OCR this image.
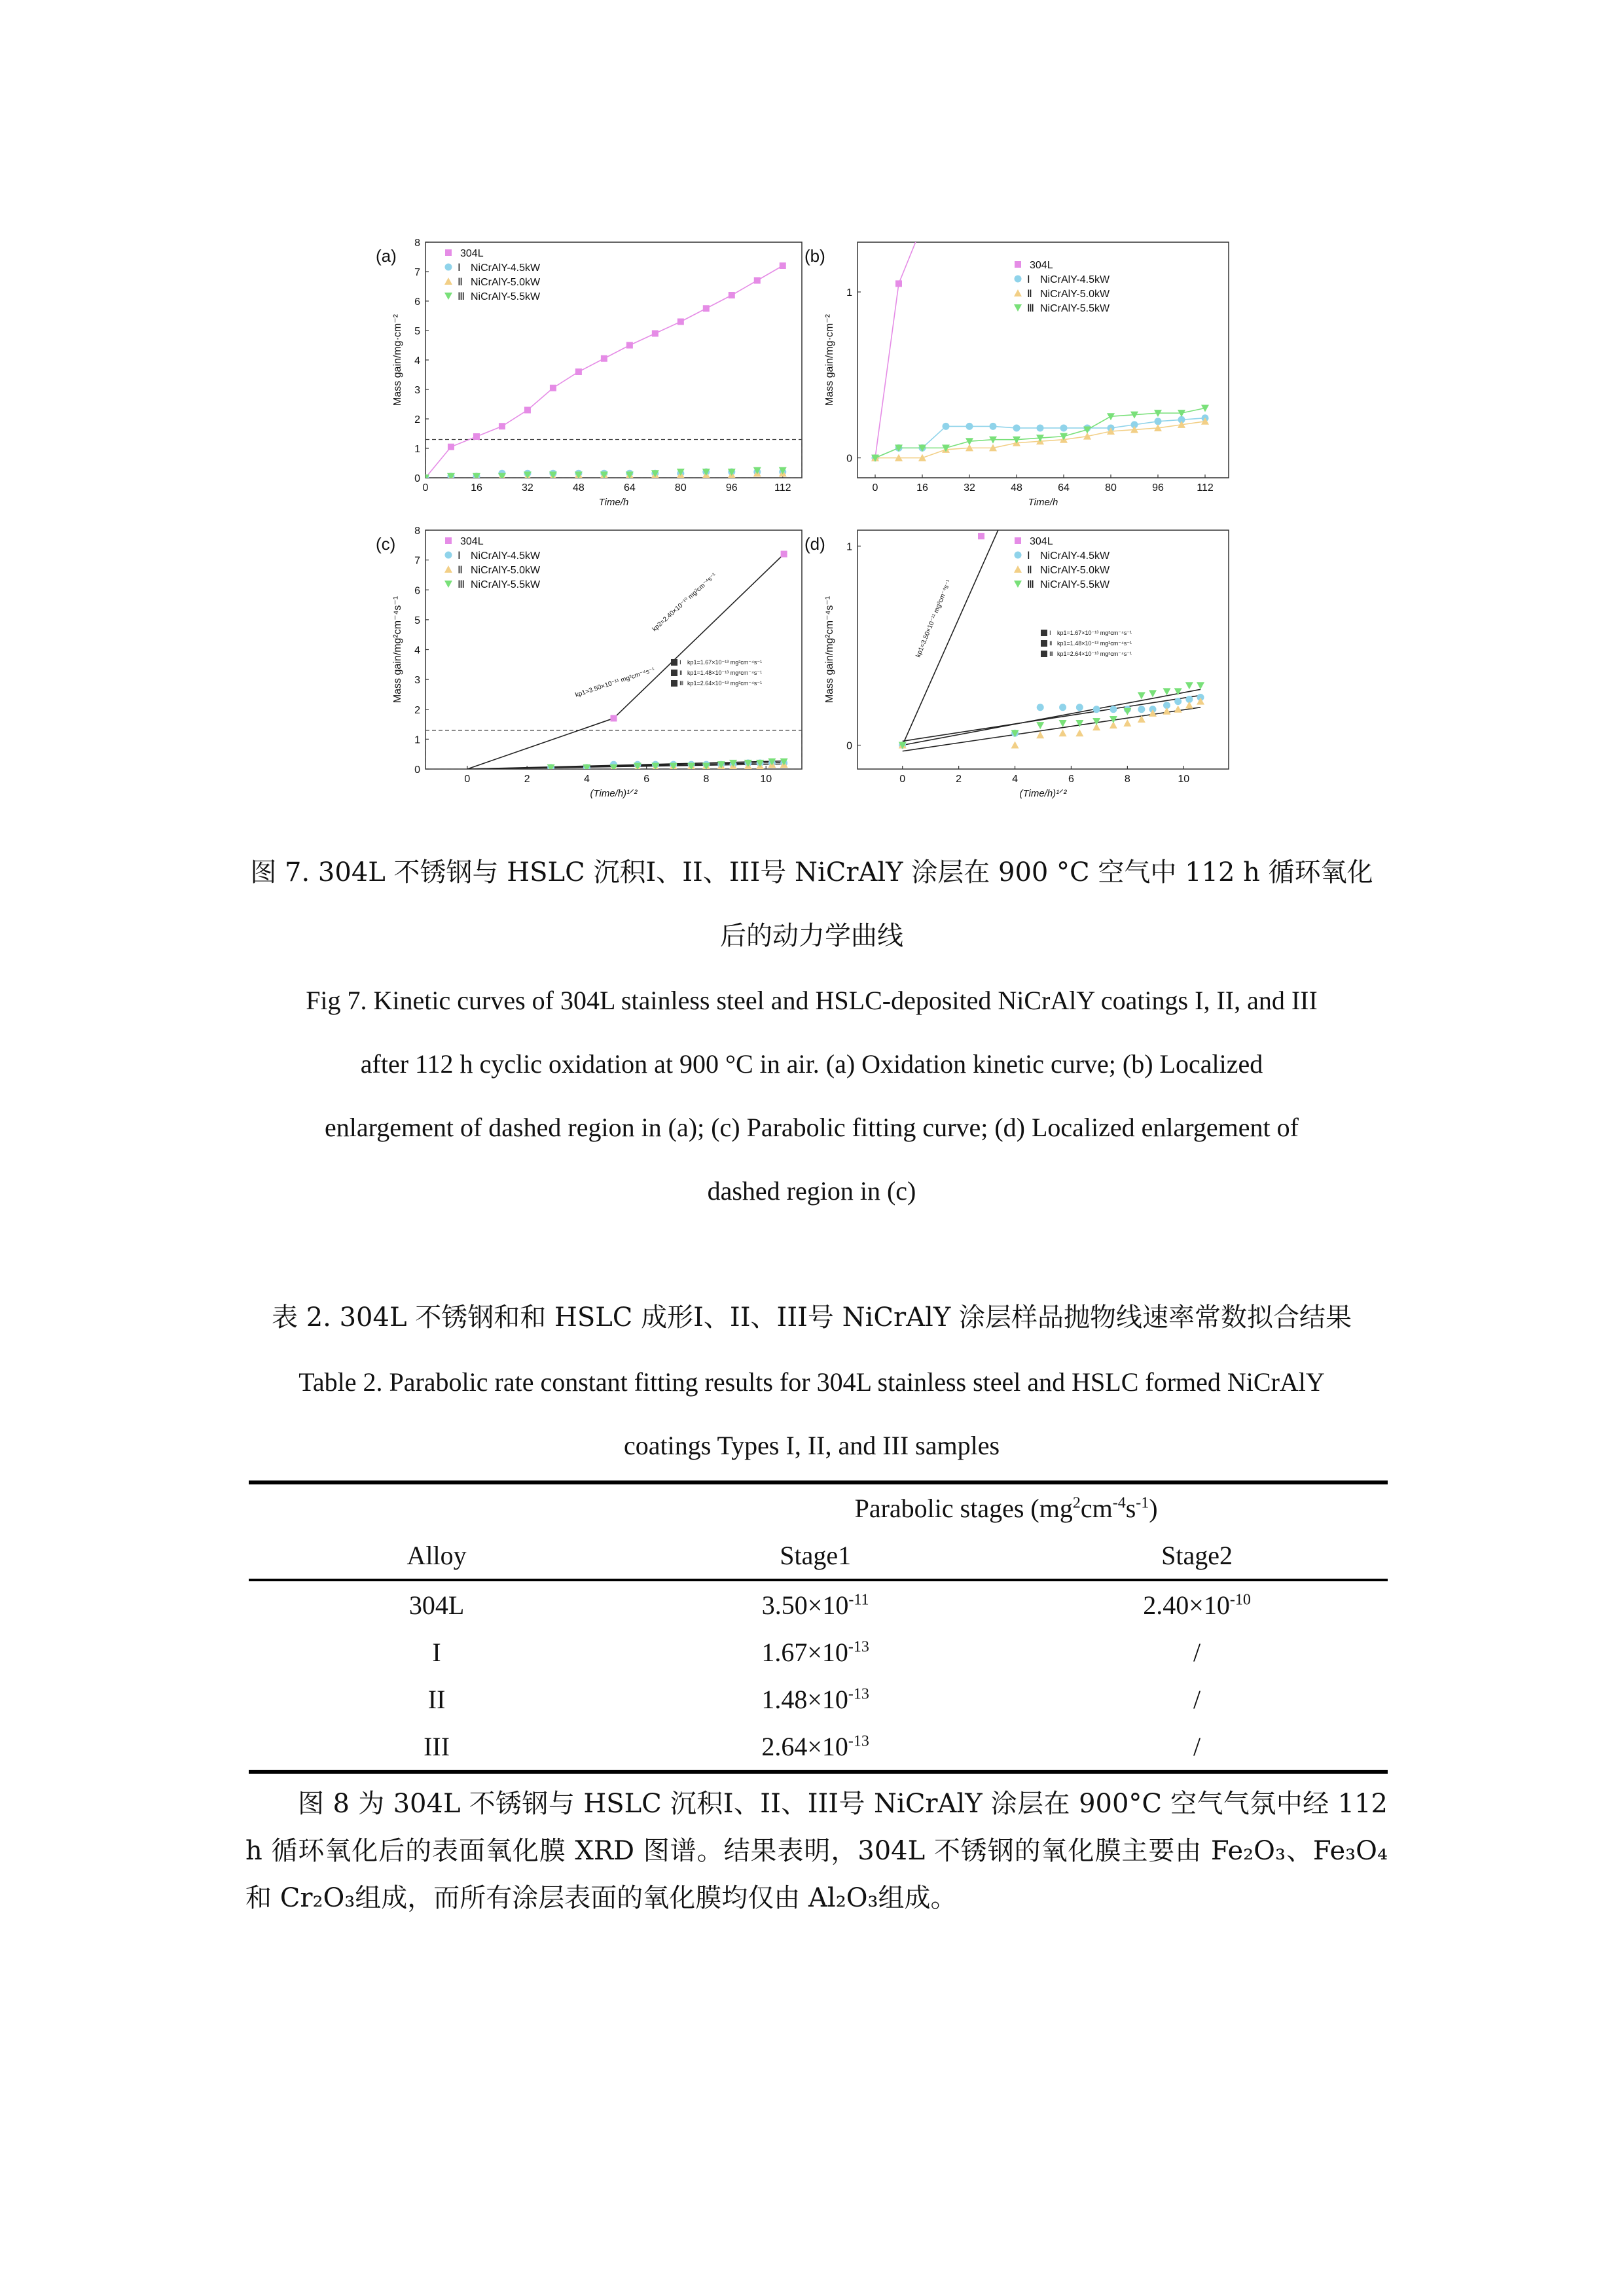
0	16	32	48	64	80	96	112
0
1
2
3
4
5
6
7
8
Mass gain/mg·cm⁻²
Time/h
(a)	304L
Ⅰ NiCrAlY-4.5kW
Ⅱ NiCrAlY-5.0kW
Ⅲ NiCrAlY-5.5kW
0	16	32	48	64	80	96	112
0
1
Mass gain/mg·cm⁻²
Time/h
(b)	304L
Ⅰ NiCrAlY-4.5kW
Ⅱ NiCrAlY-5.0kW
Ⅲ NiCrAlY-5.5kW
0	2	4	6	8	10
0
1
2
3
4
5
6
7
8
Mass gain/mg²cm⁻⁴s⁻¹
(Time/h)¹ᐟ²
(c)	304L
Ⅰ NiCrAlY-4.5kW
Ⅱ NiCrAlY-5.0kW
Ⅲ NiCrAlY-5.5kW
kp1=3.50×10⁻¹¹ mg²cm⁻⁴s⁻¹
kp2=2.40×10⁻¹⁰ mg²cm⁻⁴s⁻¹
Ⅰ kp1=1.67×10⁻¹³ mg²cm⁻⁴s⁻¹
Ⅱ kp1=1.48×10⁻¹³ mg²cm⁻⁴s⁻¹
Ⅲ kp1=2.64×10⁻¹³ mg²cm⁻⁴s⁻¹
0	2	4	6	8	10
0
1
Mass gain/mg²cm⁻⁴s⁻¹
(Time/h)¹ᐟ²
(d)	304L
Ⅰ NiCrAlY-4.5kW
Ⅱ NiCrAlY-5.0kW
Ⅲ NiCrAlY-5.5kW
kp1=3.50×10⁻¹¹ mg²cm⁻⁴s⁻¹	Ⅰ kp1=1.67×10⁻¹³ mg²cm⁻⁴s⁻¹
Ⅱ kp1=1.48×10⁻¹³ mg²cm⁻⁴s⁻¹
Ⅲ kp1=2.64×10⁻¹³ mg²cm⁻⁴s⁻¹
图 7. 304L 不锈钢与 HSLC 沉积I、II、III号 NiCrAlY 涂层在 900 °C 空气中 112 h 循环氧化
后的动力学曲线
Fig 7. Kinetic curves of 304L stainless steel and HSLC-deposited NiCrAlY coatings I, II, and III
after 112 h cyclic oxidation at 900 °C in air. (a) Oxidation kinetic curve; (b) Localized
enlargement of dashed region in (a); (c) Parabolic fitting curve; (d) Localized enlargement of
dashed region in (c)
表 2. 304L 不锈钢和和 HSLC 成形I、II、III号 NiCrAlY 涂层样品抛物线速率常数拟合结果
Table 2. Parabolic rate constant fitting results for 304L stainless steel and HSLC formed NiCrAlY
coatings Types I, II, and III samples
	Parabolic stages $(mg^2cm^{-4}s^{-1})$	
Alloy	Stage1	Stage2
304L	$3.50\times 10^{-11}$	$2.40\times 10^{-10}$
I	$1.67\times 10^{-13}$	/
II	$1.48\times 10^{-13}$	/
III	$2.64\times 10^{-13}$	/
图 8 为 304L 不锈钢与 HSLC 沉积I、II、III号 NiCrAlY 涂层在 900°C 空气气氛中经 112 h 循环氧化后的表面氧化膜 XRD 图谱。结果表明，304L 不锈钢的氧化膜主要由 Fe₂O₃、Fe₃O₄ 和 Cr₂O₃组成，而所有涂层表面的氧化膜均仅由 Al₂O₃组成。
